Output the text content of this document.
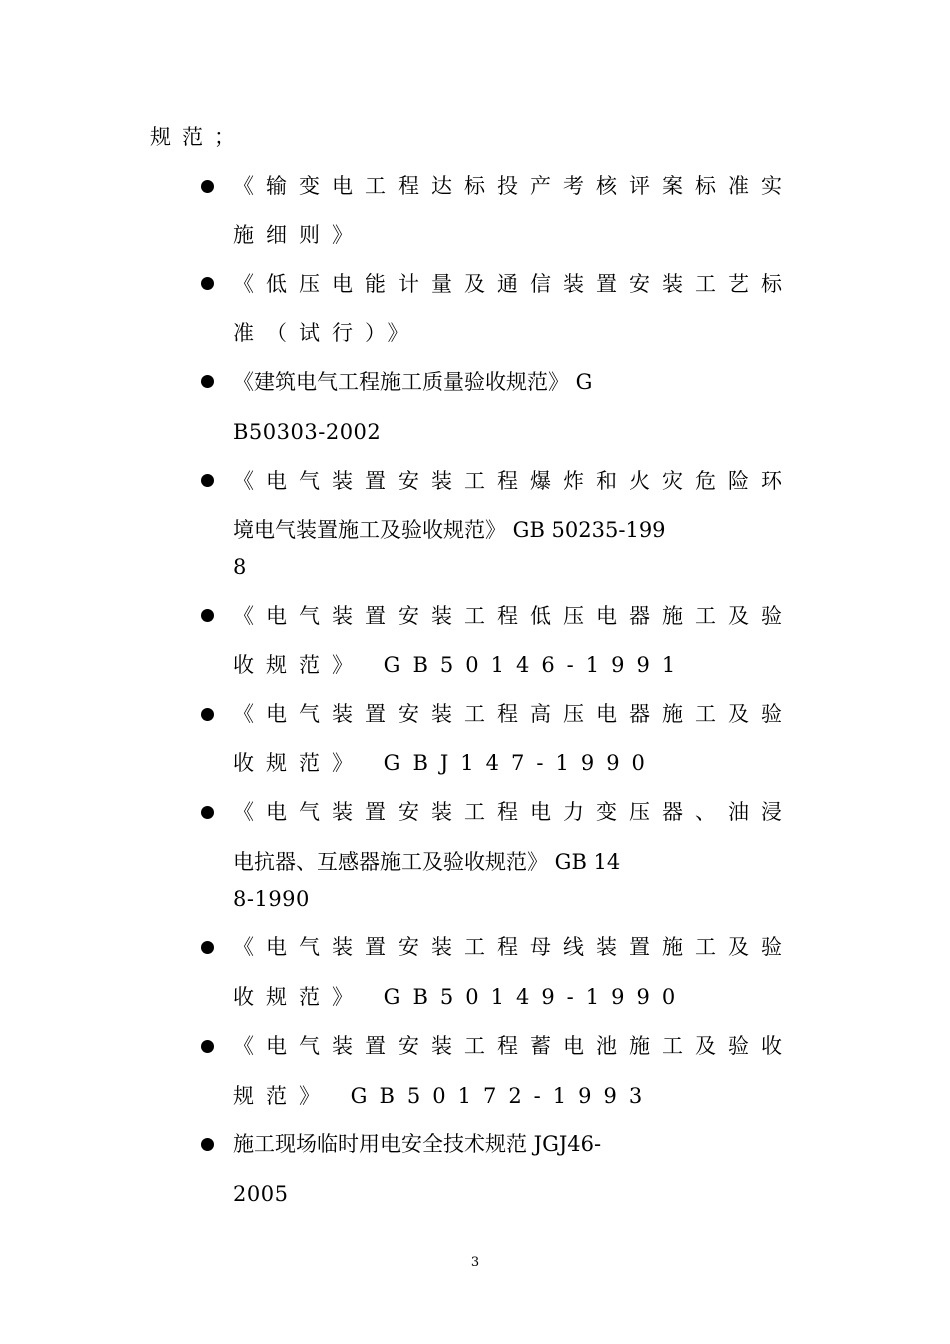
规范；
《输变电工程达标投产考核评案标准实
施细则》
《低压电能计量及通信装置安装工艺标
准（试行）》
《建筑电气工程施工质量验收规范》 G
B50303-2002
《电气装置安装工程爆炸和火灾危险环
境电气装置施工及验收规范》 GB 50235-199
8
《电气装置安装工程低压电器施工及验
收规范》 GB50146-1991
《电气装置安装工程高压电器施工及验
收规范》 GBJ147-1990
《电气装置安装工程电力变压器、油浸
电抗器、互感器施工及验收规范》 GB 14
8-1990
《电气装置安装工程母线装置施工及验
收规范》 GB50149-1990
《电气装置安装工程蓄电池施工及验收
规范》 GB50172-1993
施工现场临时用电安全技术规范 JGJ46-
2005
3
